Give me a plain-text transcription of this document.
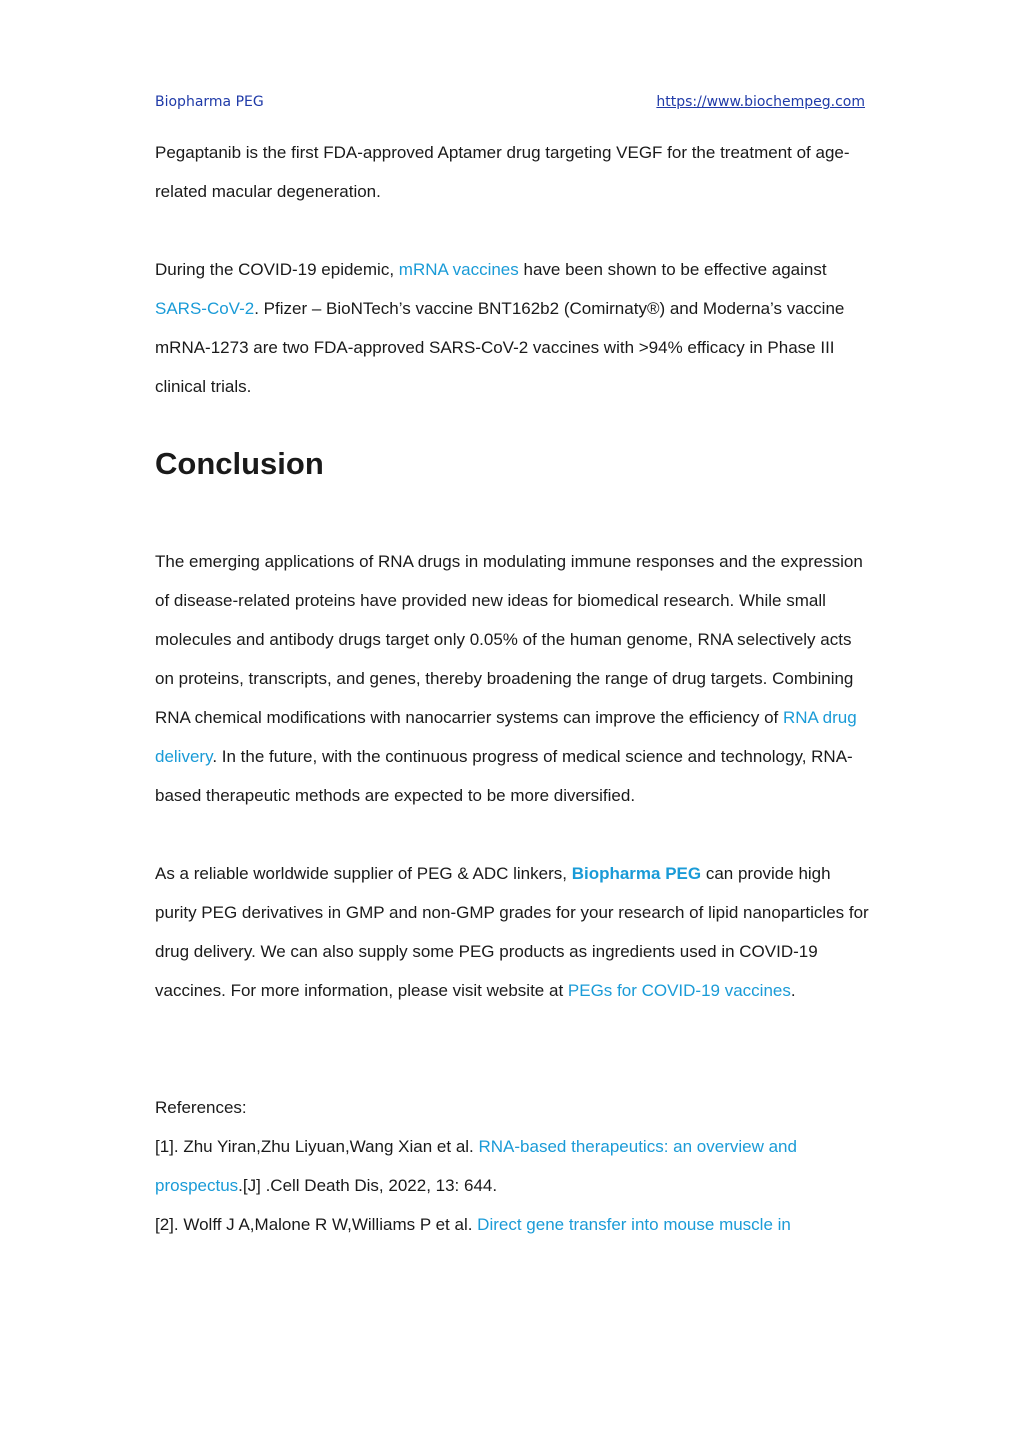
Biopharma PEG	https://www.biochempeg.com

Pegaptanib is the first FDA-approved Aptamer drug targeting VEGF for the treatment of age-related macular degeneration.

During the COVID-19 epidemic, mRNA vaccines have been shown to be effective against SARS-CoV-2. Pfizer – BioNTech’s vaccine BNT162b2 (Comirnaty®) and Moderna’s vaccine mRNA-1273 are two FDA-approved SARS-CoV-2 vaccines with >94% efficacy in Phase III clinical trials.

Conclusion

The emerging applications of RNA drugs in modulating immune responses and the expression of disease-related proteins have provided new ideas for biomedical research. While small molecules and antibody drugs target only 0.05% of the human genome, RNA selectively acts on proteins, transcripts, and genes, thereby broadening the range of drug targets. Combining RNA chemical modifications with nanocarrier systems can improve the efficiency of RNA drug delivery. In the future, with the continuous progress of medical science and technology, RNA-based therapeutic methods are expected to be more diversified.

As a reliable worldwide supplier of PEG & ADC linkers, Biopharma PEG can provide high purity PEG derivatives in GMP and non-GMP grades for your research of lipid nanoparticles for drug delivery. We can also supply some PEG products as ingredients used in COVID-19 vaccines. For more information, please visit website at PEGs for COVID-19 vaccines.

References:

[1]. Zhu Yiran,Zhu Liyuan,Wang Xian et al. RNA-based therapeutics: an overview and prospectus.[J] .Cell Death Dis, 2022, 13: 644.

[2]. Wolff J A,Malone R W,Williams P et al. Direct gene transfer into mouse muscle in
